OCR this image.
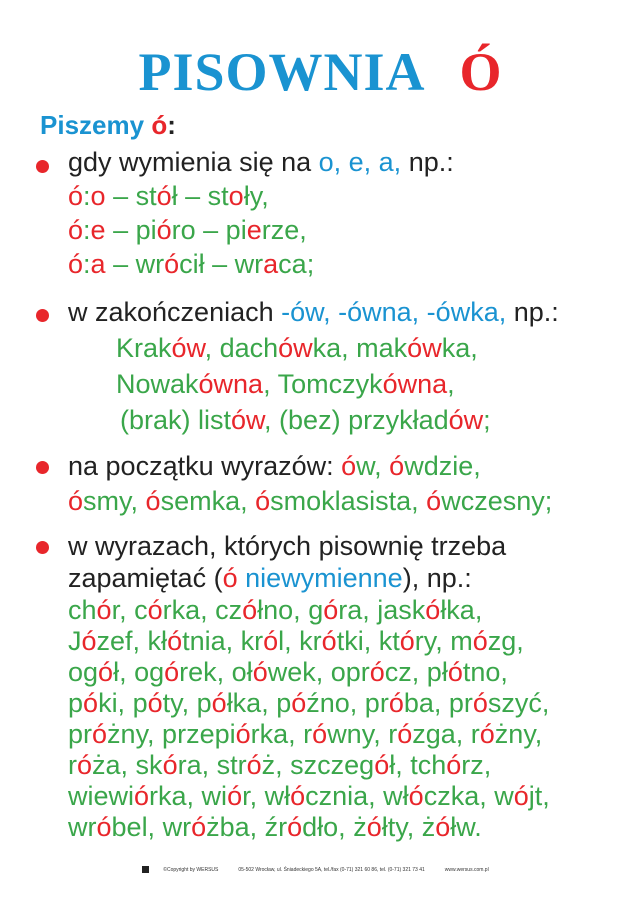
PISOWNIA Ó
Piszemy ó:
gdy wymienia się na o, e, a, np.:
ó:o – stół – stoły,
ó:e – pióro – pierze,
ó:a – wrócił – wraca;
w zakończeniach -ów, -ówna, -ówka, np.:
Kraków, dachówka, makówka,
Nowakówna, Tomczykówna,
(brak) listów, (bez) przykładów;
na początku wyrazów: ów, ówdzie,
ósmy, ósemka, ósmoklasista, ówczesny;
w wyrazach, których pisownię trzeba
zapamiętać (ó niewymienne), np.:
chór, córka, czółno, góra, jaskółka,
Józef, kłótnia, król, krótki, który, mózg,
ogół, ogórek, ołówek, oprócz, płótno,
póki, póty, półka, późno, próba, prószyć,
próżny, przepiórka, równy, rózga, różny,
róża, skóra, stróż, szczegół, tchórz,
wiewiórka, wiór, włócznia, włóczka, wójt,
wróbel, wróżba, źródło, żółty, żółw.
©Copyright by WERSUS	05-502 Wrocław, ul. Śniadeckiego 5A, tel./fax (0-71) 321 60 86, tel. (0-71) 321 73 41	www.wersus.com.pl
